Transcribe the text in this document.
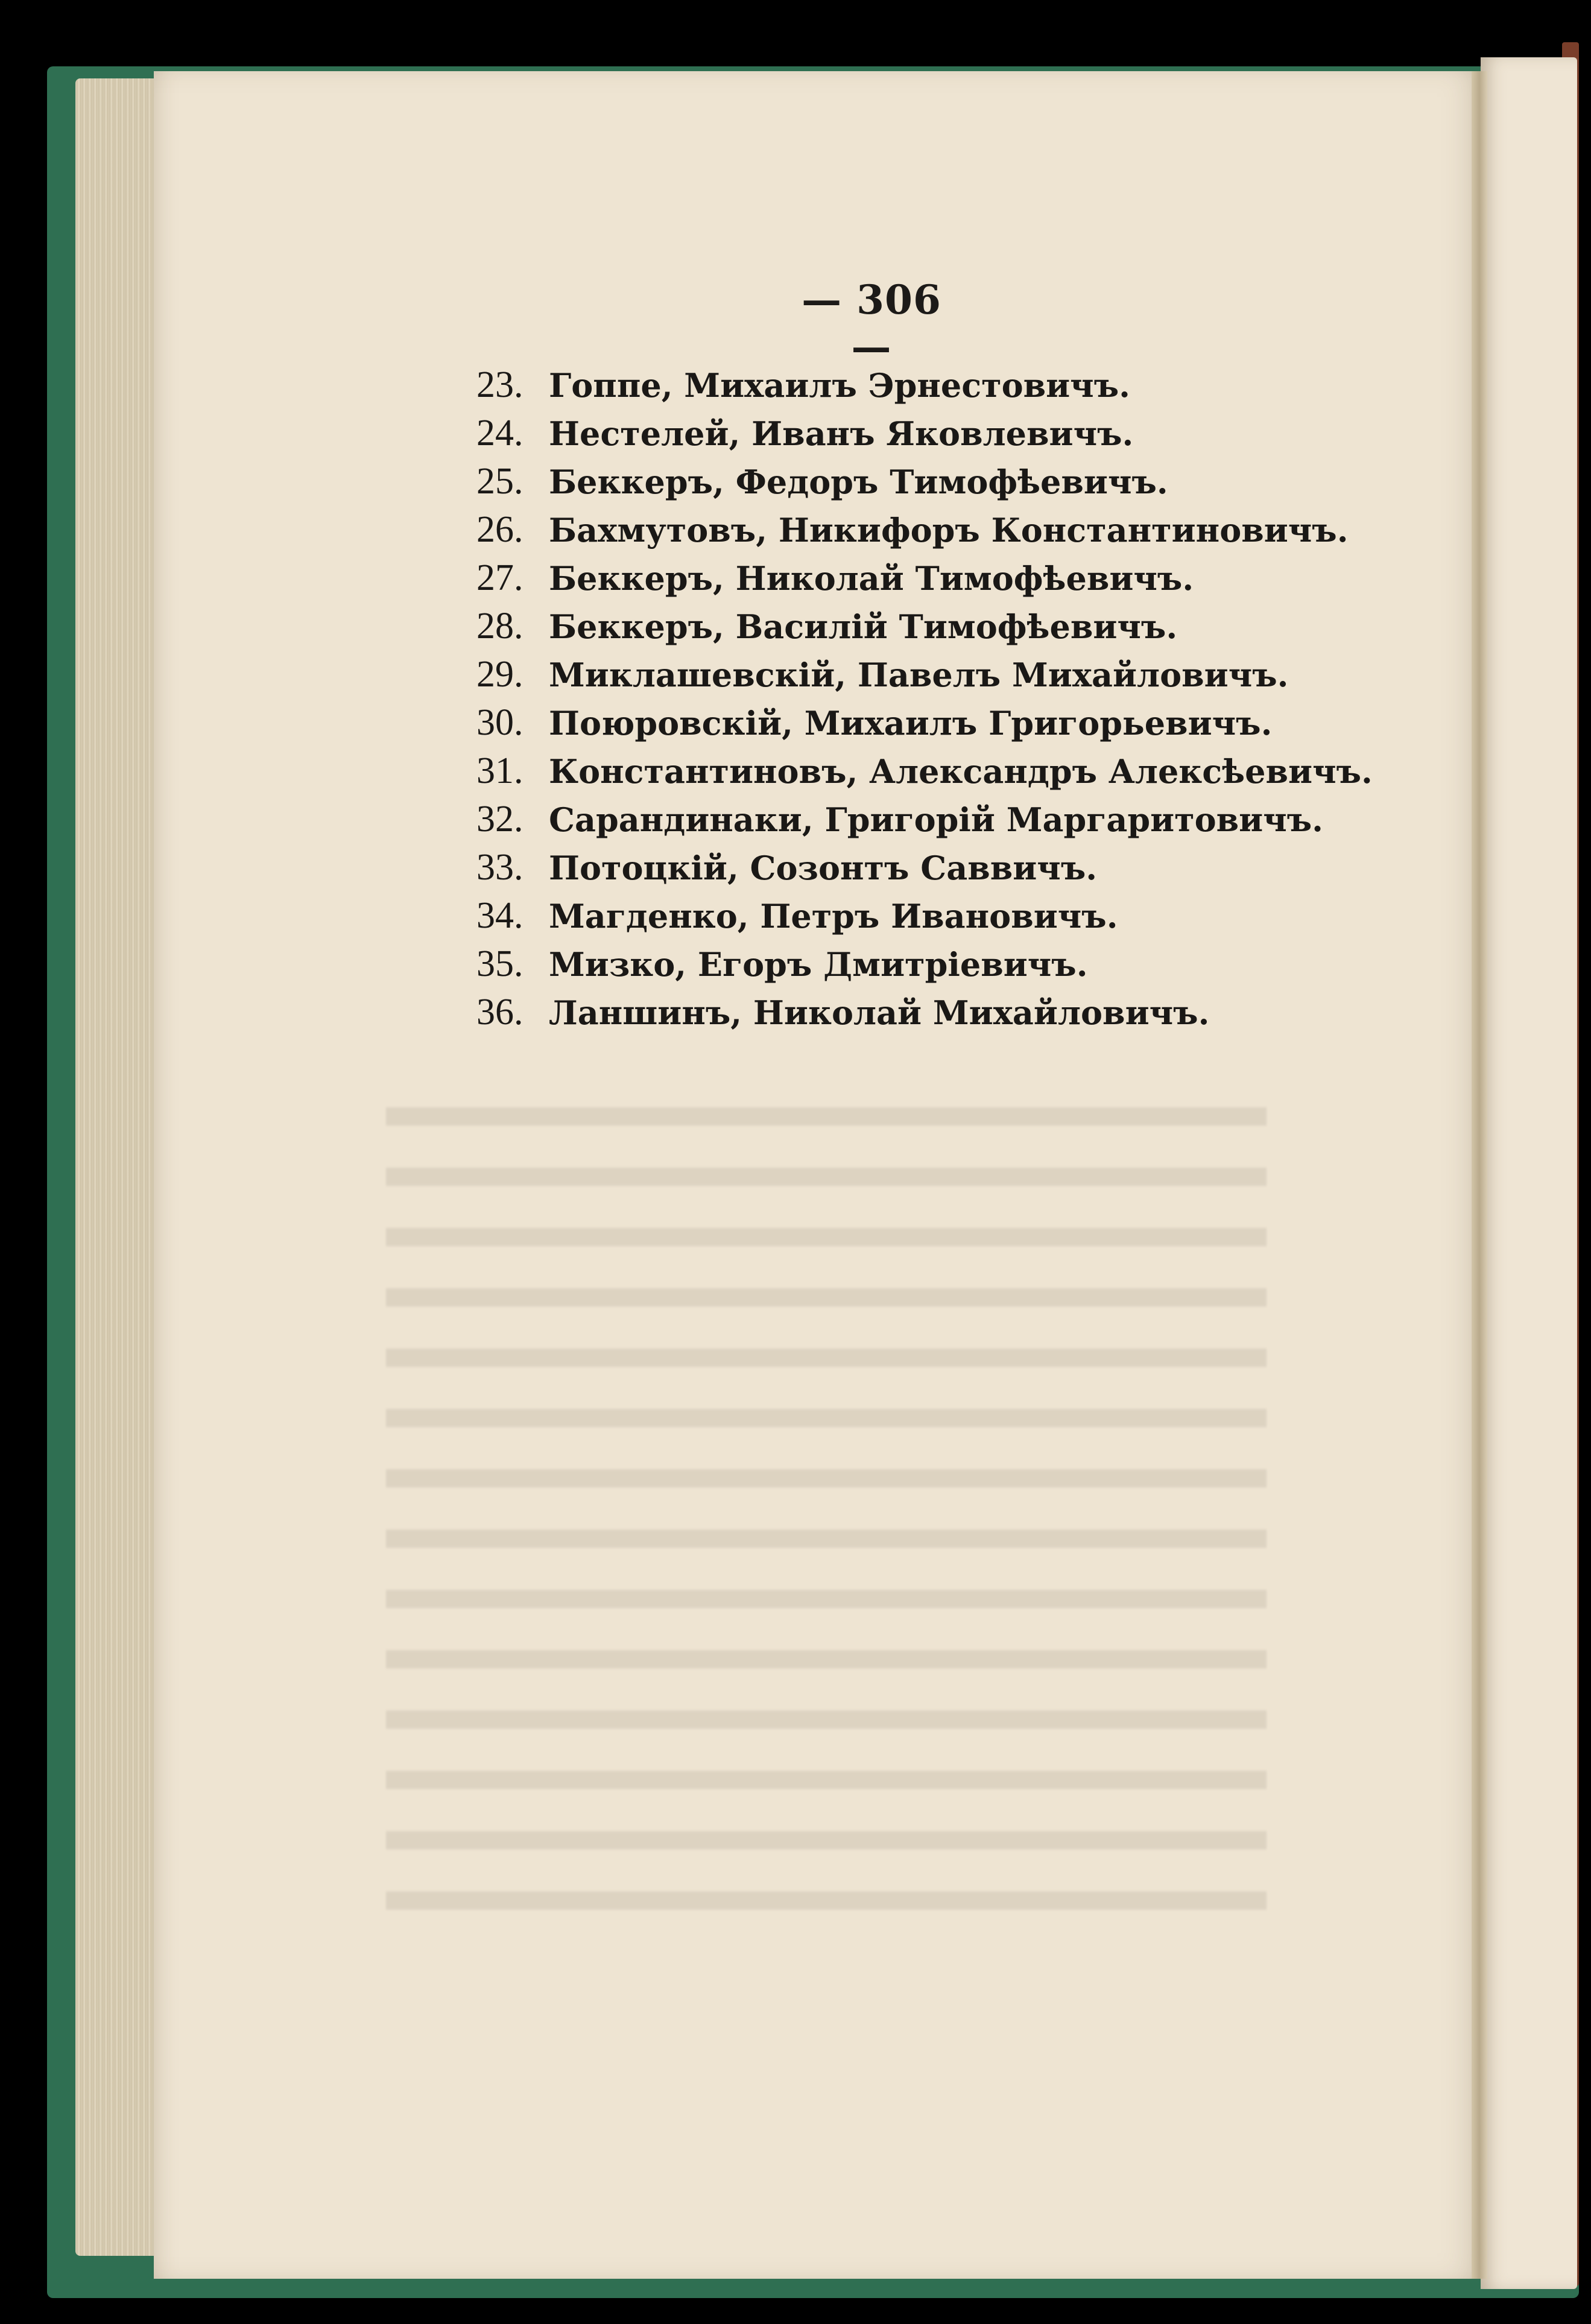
— 306 —
23. Гоппе, Михаилъ Эрнестовичъ.
24. Нестелей, Иванъ Яковлевичъ.
25. Беккеръ, Федоръ Тимофѣевичъ.
26. Бахмутовъ, Никифоръ Константиновичъ.
27. Беккеръ, Николай Тимофѣевичъ.
28. Беккеръ, Василій Тимофѣевичъ.
29. Миклашевскій, Павелъ Михайловичъ.
30. Поюровскій, Михаилъ Григорьевичъ.
31. Константиновъ, Александръ Алексѣевичъ.
32. Сарандинаки, Григорій Маргаритовичъ.
33. Потоцкій, Созонтъ Саввичъ.
34. Магденко, Петръ Ивановичъ.
35. Мизко, Егоръ Дмитріевичъ.
36. Ланшинъ, Николай Михайловичъ.
